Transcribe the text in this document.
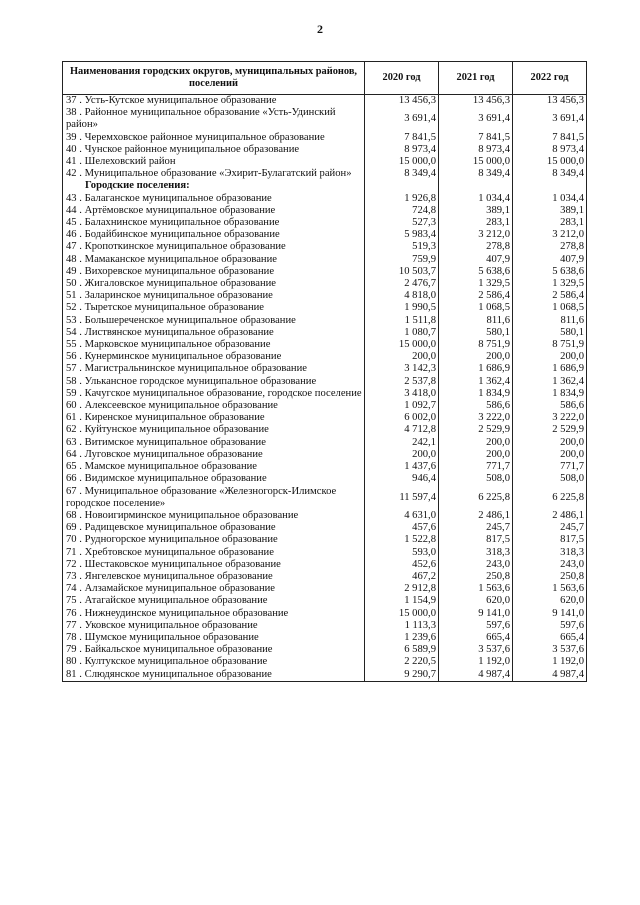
2
Наименования городских округов, муниципальных районов, поселений	2020 год	2021 год	2022 год
37 . Усть-Кутское муниципальное образование	13 456,3	13 456,3	13 456,3
38 . Районное муниципальное образование «Усть-Удинский район»	3 691,4	3 691,4	3 691,4
39 . Черемховское районное муниципальное образование	7 841,5	7 841,5	7 841,5
40 . Чунское районное муниципальное образование	8 973,4	8 973,4	8 973,4
41 . Шелеховский район	15 000,0	15 000,0	15 000,0
42 . Муниципальное образование «Эхирит-Булагатский район»	8 349,4	8 349,4	8 349,4
Городские поселения:			
43 . Балаганское муниципальное образование	1 926,8	1 034,4	1 034,4
44 . Артёмовское муниципальное образование	724,8	389,1	389,1
45 . Балахнинское муниципальное образование	527,3	283,1	283,1
46 . Бодайбинское муниципальное образование	5 983,4	3 212,0	3 212,0
47 . Кропоткинское муниципальное образование	519,3	278,8	278,8
48 . Мамаканское муниципальное образование	759,9	407,9	407,9
49 . Вихоревское муниципальное образование	10 503,7	5 638,6	5 638,6
50 . Жигаловское муниципальное образование	2 476,7	1 329,5	1 329,5
51 . Заларинское муниципальное образование	4 818,0	2 586,4	2 586,4
52 . Тыретское муниципальное образование	1 990,5	1 068,5	1 068,5
53 . Большереченское муниципальное образование	1 511,8	811,6	811,6
54 . Листвянское муниципальное образование	1 080,7	580,1	580,1
55 . Марковское муниципальное образование	15 000,0	8 751,9	8 751,9
56 . Кунерминское муниципальное образование	200,0	200,0	200,0
57 . Магистральнинское муниципальное образование	3 142,3	1 686,9	1 686,9
58 . Улькансное городское муниципальное образование	2 537,8	1 362,4	1 362,4
59 . Качугское муниципальное образование, городское поселение	3 418,0	1 834,9	1 834,9
60 . Алексеевское муниципальное образование	1 092,7	586,6	586,6
61 . Киренское муниципальное образование	6 002,0	3 222,0	3 222,0
62 . Куйтунское муниципальное образование	4 712,8	2 529,9	2 529,9
63 . Витимское муниципальное образование	242,1	200,0	200,0
64 . Луговское муниципальное образование	200,0	200,0	200,0
65 . Мамское муниципальное образование	1 437,6	771,7	771,7
66 . Видимское муниципальное образование	946,4	508,0	508,0
67 . Муниципальное образование «Железногорск-Илимское городское поселение»	11 597,4	6 225,8	6 225,8
68 . Новоигирминское муниципальное образование	4 631,0	2 486,1	2 486,1
69 . Радищевское муниципальное образование	457,6	245,7	245,7
70 . Рудногорское муниципальное образование	1 522,8	817,5	817,5
71 . Хребтовское муниципальное образование	593,0	318,3	318,3
72 . Шестаковское муниципальное образование	452,6	243,0	243,0
73 . Янгелевское муниципальное образование	467,2	250,8	250,8
74 . Алзамайское муниципальное образование	2 912,8	1 563,6	1 563,6
75 . Атагайское муниципальное образование	1 154,9	620,0	620,0
76 . Нижнеудинское муниципальное образование	15 000,0	9 141,0	9 141,0
77 . Уковское муниципальное образование	1 113,3	597,6	597,6
78 . Шумское муниципальное образование	1 239,6	665,4	665,4
79 . Байкальское муниципальное образование	6 589,9	3 537,6	3 537,6
80 . Култукское муниципальное образование	2 220,5	1 192,0	1 192,0
81 . Слюдянское муниципальное образование	9 290,7	4 987,4	4 987,4
